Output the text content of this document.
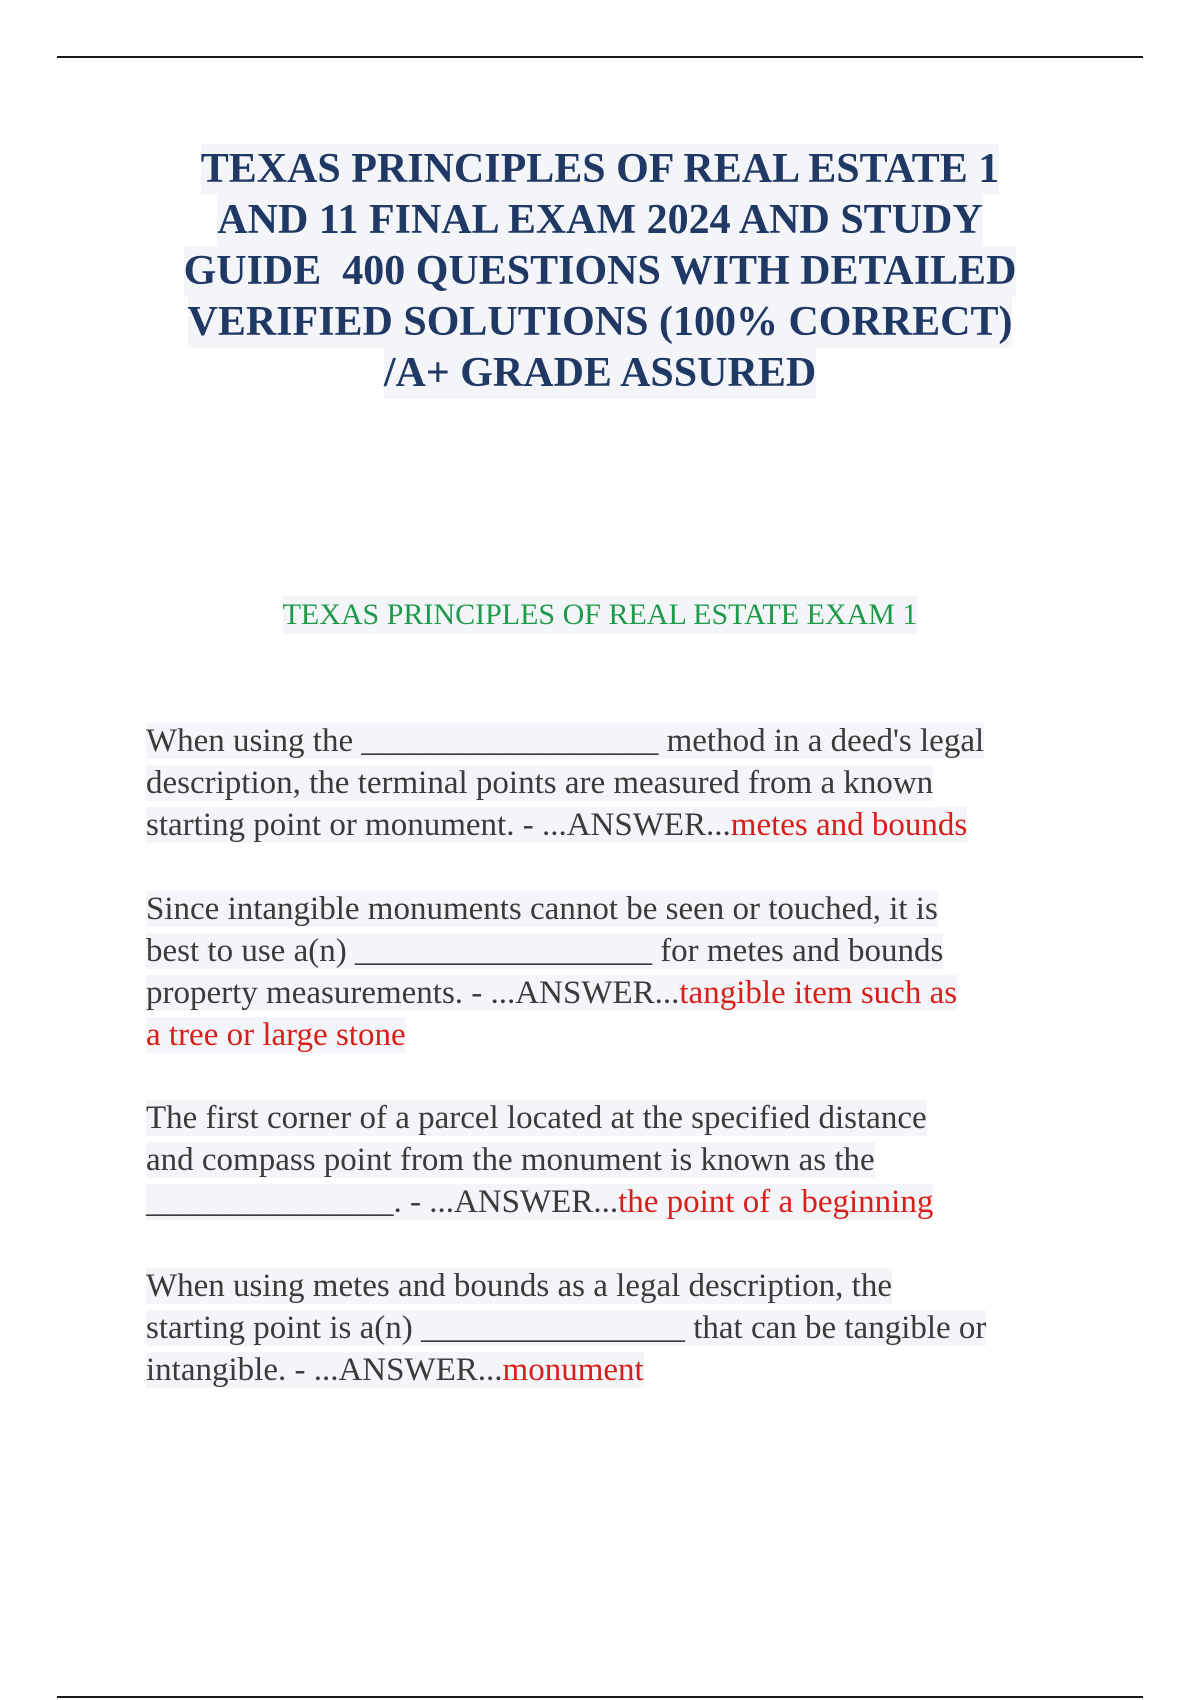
TEXAS PRINCIPLES OF REAL ESTATE 1
AND 11 FINAL EXAM 2024 AND STUDY
GUIDE  400 QUESTIONS WITH DETAILED
VERIFIED SOLUTIONS (100% CORRECT)
/A+ GRADE ASSURED
TEXAS PRINCIPLES OF REAL ESTATE EXAM 1
When using the __________________ method in a deed's legal
description, the terminal points are measured from a known
starting point or monument. - ...ANSWER...metes and bounds
Since intangible monuments cannot be seen or touched, it is
best to use a(n) __________________ for metes and bounds
property measurements. - ...ANSWER...tangible item such as
a tree or large stone
The first corner of a parcel located at the specified distance
and compass point from the monument is known as the
_______________. - ...ANSWER...the point of a beginning
When using metes and bounds as a legal description, the
starting point is a(n) ________________ that can be tangible or
intangible. - ...ANSWER...monument
